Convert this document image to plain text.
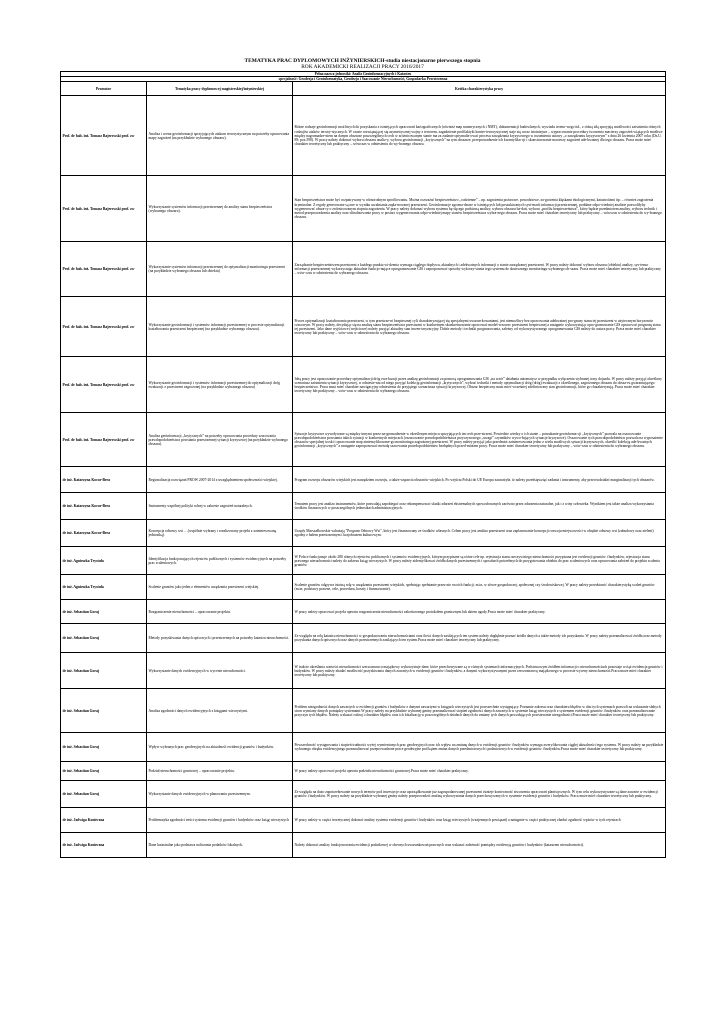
TEMATYKA PRAC DYPLOMOWYCH INŻYNIERSKICH-studia niestacjonarne pierwszego stopnia
ROK AKADEMICKI REALIZACJI PRACY 2016/2017
Pełna nazwa jednostki: Analiz Geoinformacyjnych i Katastru		
specjalność: Geodezja i Geoinformatyka, Geodezja i Szacowanie Nieruchomości, Gospodarka Przestrzenna		
Promotor	Tematyka pracy dyplomowej magisterskiej/inżynierskiej	Krótka charakterystyka pracy
Prof. dr hab. inż. Tomasz Bajerowski prof. zw	Analiza i ocena geoinformacji sprzyjających atakom terrorystycznym na potrzeby opracowania mapy zagrożeń (na przykładzie wybranego obszaru).	Różne rodzaje geoinformacji możliwych do pozyskania z istniejących opracowań kartograficznych (również map numerycznych i NMT), dokumentacji budowlanych, wywiadu tereno-wego itd., z różną siłą sprzyjają możliwości zaistnienia różnych rodzajów ataków terrory-stycznych. W czasie rozwiązującej się asymetrycznej wojny z terrorem, zagadnienie profilaktyki konter-terrorystycznej staje się coraz istotniejsze – wypracowanie procedury tworzenia macierzy zagrożeń wiążących możliwe między nagromadze-niem na danym obszarze poszczególnych cech w zróżnicowanym stanie ma za zadanie optymaliz-ować procesu zarządzania kryzysowego w rozumieniu ustawy „o zarządzaniu kryzysowym” z dnia 26 kwietnia 2007 roku (Dz.U. 89; poz.590). W pracy należy dokonać wyboru obszaru analiz-y, wyboru geoinformacji „krytycznych” na tym obszarze, przeprowadzenie ich kwantyfika-cji i skonstruowanie macierzy zagrożeń ade-kwatnej dla tego obszaru. Praca może mieć charakter teoretyczny lub praktyczny – wówczas w odniesieniu do wy-branego obszaru.
Prof. dr hab. inż. Tomasz Bajerowski prof. zw	Wykorzystanie systemów informacji przestrzennej do analizy stanu bezpieczeństwa (wybranego obszaru).	Stan bezpieczeństwa może być rozpatrywany w różnorodnym sprofilowaniu. Można rozważać bezpieczeństwo „codzienne” – np. zagrożenia pożarowe, powodziowe, za-grożenia klęskami ekologicznymi, katastrofami itp. – również zagrożenia kryminalne. Z reguły generowane są one w wyniku uwalniania zapla-nowanej przestrzeni. Geoinformacje zgroma-dzone w istniejących lub poszukiwanych syst-mach informacji przestrzennej, poddane odpo-wiedniej analizie pozwoliłyby wygenerować obsza-ry o zróżnicowanym stopniu zagrożenia. W pracy należy dokonać wyboru systemu bę-dącego podstawą analizy, wyboru obszaru ba-dań, wyboru „profilu bezpieczeństwa”, który będzie przedmiotem analizy, wyboru technik i metod przeprowadzenia analizy oraz sfinalizowanie pracy w postaci wygenerowania odpo-wiedniej mapy stanów bezpieczeństwa wybra-nego obszaru. Praca może mieć charakter teoretyczny lub praktyczny – wówczas w odniesieniu do wy-branego obszaru.
Prof. dr hab. inż. Tomasz Bajerowski prof. zw	Wykorzystanie systemów informacji przestrzennej do optymalizacji monitoringu przestrzeni (na przykładzie wybranego obszaru lub obiektu)	Zarządzanie bezpieczeństwem przestrzeni z każdego punktu wi-dzenia wymaga ciągłego dopływu, aktualnych i adekwatnych informacji o stanie zarządzanej przestrzeni. W pracy należy dokonać wyboru obszaru (obiektu) analizy, sys-temu informacji przestrzennej wykorzystując aktualnie funkcjo-nujące oprogramowanie GIS i zaproponować sposoby wykorzy-stania tego systemu do skutecznego monitoringu wybranego ob-szaru. Praca może mieć charakter teoretyczny lub praktyczny – wów-czas w odniesieniu do wybranego obszaru.
Prof. dr hab. inż. Tomasz Bajerowski prof. zw	Wykorzystanie geoinformacji i systemów informacji przestrzennej w procesie optymalizacji kształtowania przestrzeni bezpiecznej (na przykładzie wybranego obszaru).	Proces optymalizacji kształtowania przestrzeni, w tym przestrze-ni bezpiecznej cyli charakteryzującej się specjalnymi uwarun-kowaniami, jest niemożliwy bez opracowania adekwatnej pro-gnozy stanu tej przestrzeni w użytecznym horyzoncie czasowym. W pracy należy, decydując się na analizę stanu bezpieczeństwa przestrzeni w konkretnym skonkretnowanie opracować model-wzorzec przestrzeni bezpiecznej a następnie wykorzystując opro-gramowanie GIS opracować prognozę stanu tej przestrzeni. Jako dane wyjściowe (wejściowe) należy przyjąć aktualny stan inwen-taryzacyjny. Dobór metody i techniki prognozowania, zależny od wykorzystywanego oprogramowania GIS należy do autora pracy. Praca może mieć charakter teoretyczny lub praktyczny – wów-czas w odniesieniu do wybranego obszaru.
Prof. dr hab. inż. Tomasz Bajerowski prof. zw	Wykorzystanie geoinformacji i systemów informacji przestrzennej do optymalizacji dróg ewakuacji z przestrzeni zagrożonej (na przykładzie wybranego obszaru)	Ideą pracy jest opracowanie procedury optymalizacji dróg ewa-kuacji przez analizę geoinformacji za pomocą oprogramowania GIS „na wzór” działania automatycz w przypadku wyłączenia wybranej trasy dojazdu. W pracy należy przyjąć określony scenariusz zaistnienia sytuacji kryzysowej, w odniesie-niu od niego przyjąć kolekcję geoinformacji „krytycznych”, wybrać techniki i metody optymalizacji dróg (dróg) ewakuacji z określonego, zagrożonego obszaru do obsza-ru gwarantującego bezpieczeństwo. Praca musi mieć charakter nawigacyjny odniesienia do przyjętego scenariusza sytuacji kryzysowej. Obszar bezpieczny musi mieć wcześniej zdefiniowany stan geoinformacji, które go charakteryzują. Praca może mieć charakter teoretyczny lub praktyczny – wów-czas w odniesieniu do wybranego obszaru.
Prof. dr hab. inż. Tomasz Bajerowski prof. zw	Analiza geoinformacji „krytycznych” na potrzeby opracowania procedury szacowania prawdopodobieństwa powstania przestrzennej sytuacji kryzysowej (na przykładzie wybranego obszaru).	Sytuacje kryzysowe wywoływane są między innymi przez na-gromadzenie w określonym miejscu sprzyjających im cech prze-strzeni. Powiedzie wiedzy o ich stanie – poszukanie geoinforma-cji „krytycznych” pozwala na oszacowanie prawdopodobieństwa powstania takich sytuacji w konkretnych miejscach (oszacowanie prawdopodobieństwa przyczynowego „uwagi” czynników wywo-łujących sytuacje kryzysowe). Oszacowanie tych prawdopodobieństw pozwala na wyposażenie obszarów specjalnej troski i opracowanie map zintensyfikowane-go monitoringu zagrożonej przestrzeni. W pracy należy przyjąć jako przedmiot zainteresowania jedno z wielu możliwych sytuacji kryzysowych, określić kolekcję ade-kwatnych geoinformacji „krytycznych” a następnie zaproponować metodę szacowania prawdopodobieństw bezbędnych przed-miotem pracy. Praca może mieć charakter teoretyczny lub praktyczny – wów-czas w odniesieniu do wybranego obszaru.
dr inż. Katarzyna Kocur-Bera	Regionalizacja rozwiązań PROW 2007-2014 z uwzględnieniem społeczności wiejskiej.	Program rozwoju obszarów wiejskich jest narzędziem rozwoju, a także wsparcia obszarów wiejskich. Po wejściu Polski do UE Europa zauważyła, iż należy przedsięwziąć zadania i instrumenty, aby przeciwdziałać marginalizacji tych obszarów.
dr inż. Katarzyna Kocur-Bera	Instrumenty wspólnej polityki rolnej w zakresie zagrożeń naturalnych.	Tematem pracy jest analiza instrumentów, które pozwalają zapobiegać oraz rekompensować skutki zdarzeń ekstremalnych spowodowanych zarówno przez zdarzenia naturalne, jak i z winy człowieka. Wynikiem jest także analiza wykorzystania środków finansowych w poszczególnych jednostkach administracyjnych.
dr inż. Katarzyna Kocur-Bera	Koncepcja odnowy wsi …(wspólnie wybrany i zrealizowany projekt z zainteresowaną jednostką).	Urzędy Marszałkowskie wdrażają "Program Odnowy Wsi", który jest finansowany ze środków własnych. Celem pracy jest analiza przestrzeni oraz zaplanowanie koncepcji rozwoju miejscowości w obrębie odnowy wsi (zabudowy oraz zieleni) zgodny z ładem przestrzennym i krajobrazem kulturowym.
dr inż. Agnieszka Trystuła	Identyfikacja funkcjonujących rejestrów publicznych i systemów ewidencyjnych na potrzeby prac scaleniowych.	W Polsce funkcjonuje około 280 różnych rejestrów publicznych i systemów ewidencyjnych, którym przypisane są różne cele np. rejestracja stanu rzeczywistego nieruchomości przypisana jest ewidencji gruntów i budynków, rejestracja stanu prawnego nieruchomości należy do zakresu ksiąg wieczystych. W pracy należy zidentyfikować źródła danych przestrzennych i sposobach potrzebnych do przygotowania obiektu do prac scaleniowych oraz opracowania założeń do projektu scalenia gruntów.
dr inż. Agnieszka Trystuła	Scalenie gruntów jako jeden z elementów urządzania przestrzeni wiejskiej.	Scalenie gruntów odgrywa istotną rolę w urządzaniu przestrzeni wiejskich, spełniając spełnianie przez nie swoich funkcji, m.in. w sferze gospodarczej, społecznej czy środowiskowej. W pracy należy przedstawić charakterystykę scaleń gruntów (m.in. podstawy prawne, cele, procedura, koszty i finansowanie).
dr inż. Sebastian Goraj	Rozgraniczenie nieruchomości – opracowanie projektu.	W pracy należy opracować projekt operatu rozgraniczenia nieruchomości zakończonego protokołem granicznym lub aktem ugody.Praca może mieć charakter praktyczny.
dr inż. Sebastian Goraj	Metody pozyskiwania danych opisowych i przestrzennych na potrzeby katastru nieruchomości.	Ze względu na rolę katastru nieruchomości w gospodarowaniu nieruchomościami oraz ilości danych zasilających ten system należy dogłębnie poznać źródła danych a także metody ich pozyskania. W pracy należy przeanalizować źródła oraz metody pozyskania danych opisowych oraz danych przestrzennych zasilających ten system.Praca może mieć charakter teoretyczny lub praktyczny.
dr inż. Sebastian Goraj	Wykorzystanie danych ewidencyjnych w wycenie nieruchomości.	W trakcie określania wartości nieruchomości rzeczoznawca majątkowy wykorzystuje dane, które przechowywane są w różnych systemach informacyjnych. Podstawowym źródłem informacji o nieruchomościach pozostaje wciąż ewidencja gruntów i budynków. W pracy należy zbadać możliwość pozyskiwania danych zawartych w ewidencji gruntów i budynków, a danymi wykorzystywanymi przez rzeczoznawcę majątkowego w procesie wyceny nieruchomości.Praca może mieć charakter teoretyczny lub praktyczny.
dr inż. Sebastian Goraj	Analiza zgodności danych ewidencyjnych z księgami wieczystymi.	Problem niezgodności danych zawartych w ewidencji gruntów i budynków z danymi zawartymi w księgach wieczystych jest powszechnie występujący. Poznanie zakresu oraz charakteru błędów w obu tych systemach pozwoli na wskazanie słabych stron wymiany danych pomiędzy systemami.W pracy należy na przykładzie wybranej gminy przeanalizować stopień zgodności danych zawartych w systemie ksiąg wieczystych z systemem ewidencji gruntów i budynków oraz przeanalizowanie przyczyn tych błędów. Należy wskazać rodzaj i charakter błędów oraz ich lokalizację w poszczególnych działach danych do zmiany tych danych powodujących powstawanie niezgodności.Praca może mieć charakter teoretyczny lub praktyczny.
dr inż. Sebastian Goraj	Wpływ wybranych prac geodezyjnych na aktualność ewidencji gruntów i budynków.	Powszechność występowania i stopień trudności wyżej wymienionych prac geodezyjnych oraz ich wpływ na zmianę danych w ewidencji gruntów i budynków wymaga zweryfikowania ciągłej aktualności tego systemu. W pracy należy na przykładzie wybranego obrębu ewidencyjnego przeanalizować przeprowadzone prace geodezyjne pod kątem zmian danych przedmiotowych i podmiotowych w ewidencji gruntów i budynków.Praca może mieć charakter teoretyczny lub praktyczny.
dr inż. Sebastian Goraj	Podział nieruchomości gruntowej – opracowanie projektu.	W pracy należy opracować projekt operatu podziału nieruchomości gruntowej.Praca może mieć charakter praktyczny.
dr inż. Sebastian Goraj	Wykorzystanie danych ewidencyjnych w planowaniu przestrzennym.	Ze względu na dużo zapotrzebowanie nowych terenów pod inwestycje oraz uporządkowanie już zagospodarowanej przestrzeni istnieje konieczność stworzenia opracowań planistycznych. W tym celu wykorzystywane są dane zawarte w ewidencji gruntów i budynków. W pracy należy na przykładzie wybranej gminy należy przeprowadzić analizę wykorzystania danych przechowywanych w systemie ewidencji gruntów i budynków. Praca może mieć charakter teoretyczny lub praktyczny.
dr inż. Jadwiga Konieczna	Problematyka zgodności treści systemu ewidencji gruntów i budynków oraz ksiąg wieczystych	W pracy należy w części teoretycznej dokonać analizy systemu ewidencji gruntów i budynków oraz ksiąg wieczystych (wzajemnych powiązań) a następnie w części praktycznej zbadać zgodność wpisów w tych rejestrach
dr inż. Jadwiga Konieczna	Dane katastralne jako podstawa naliczania podatków lokalnych.	Należy dokonać analizy funkcjonowania ewidencji podatkowej w obecnych uwarunkowań prawnych oraz wskazać zależność pomiędzy ewidencją gruntów i budynków (katastrem nieruchomości).
